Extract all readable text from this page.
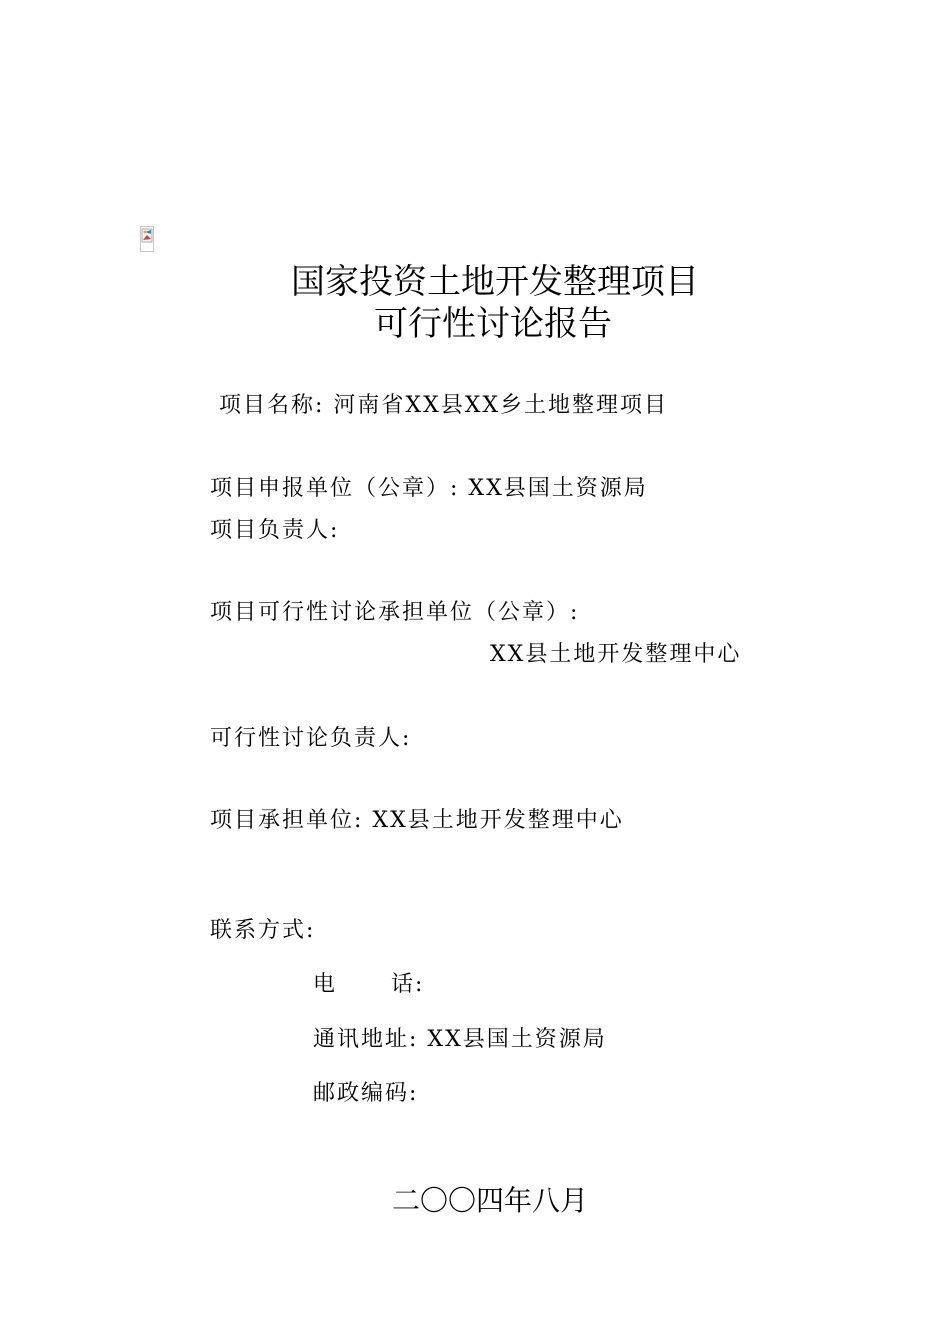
国家投资土地开发整理项目
可行性讨论报告
项目名称: 河南省XX县XX乡土地整理项目
项目申报单位（公章）: XX县国土资源局
项目负责人:
项目可行性讨论承担单位（公章）:
XX县土地开发整理中心
可行性讨论负责人:
项目承担单位: XX县土地开发整理中心
联系方式:
电      话:
通讯地址: XX县国土资源局
邮政编码:
二〇〇四年八月
